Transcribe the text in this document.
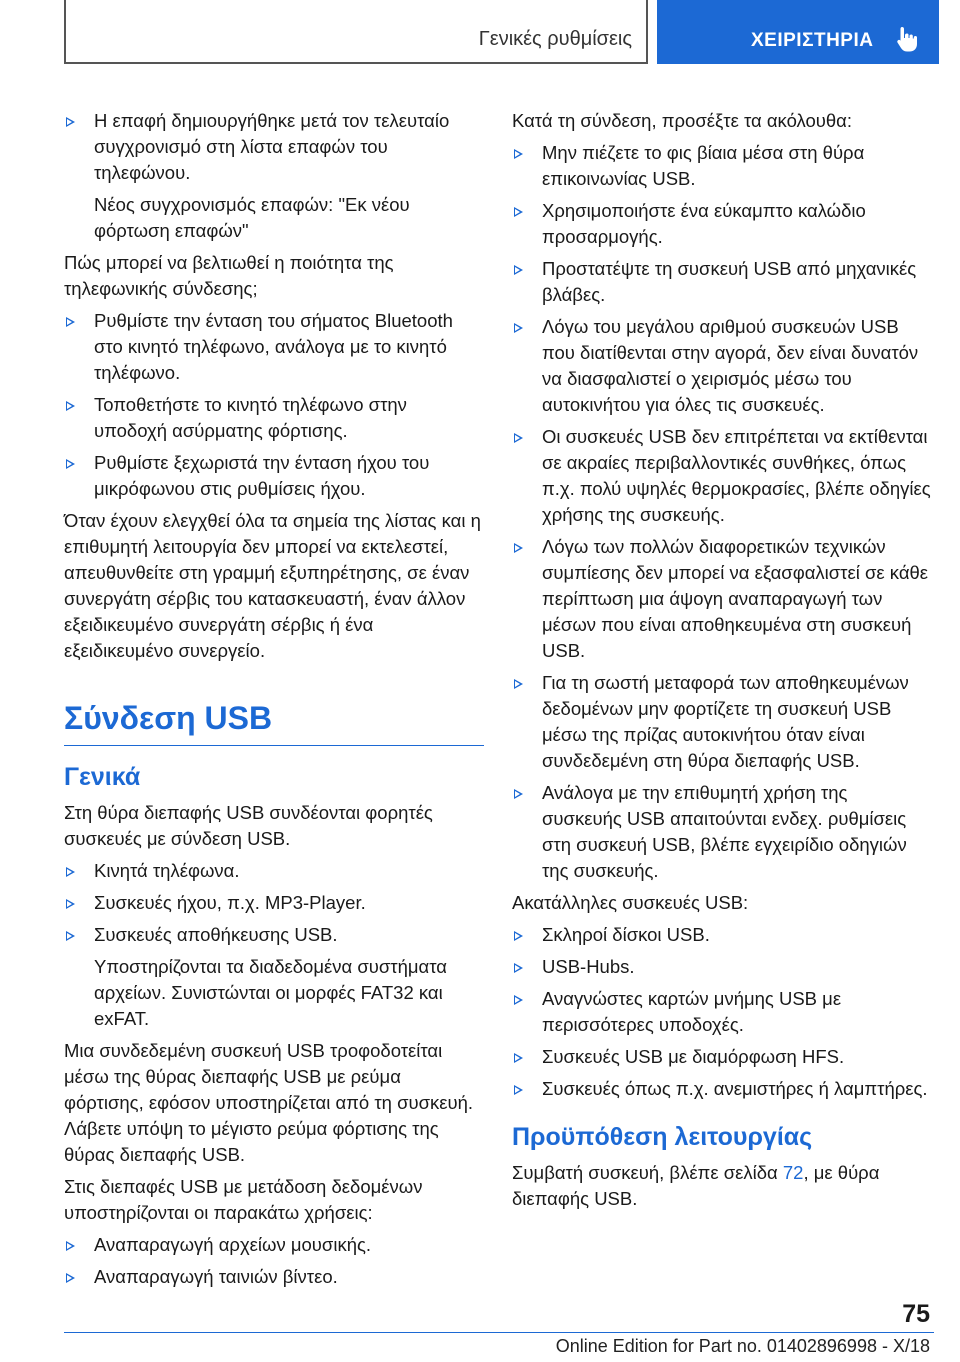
Γενικές ρυθμίσεις	ΧΕΙΡΙΣΤΗΡΙΑ
Η επαφή δημιουργήθηκε μετά τον τελευταίο συγχρονισμό στη λίστα επαφών του τηλεφώνου.
Νέος συγχρονισμός επαφών: "Εκ νέου φόρτωση επαφών"
Πώς μπορεί να βελτιωθεί η ποιότητα της τηλεφωνικής σύνδεσης;
Ρυθμίστε την ένταση του σήματος Bluetooth στο κινητό τηλέφωνο, ανάλογα με το κινητό τηλέφωνο.
Τοποθετήστε το κινητό τηλέφωνο στην υποδοχή ασύρματης φόρτισης.
Ρυθμίστε ξεχωριστά την ένταση ήχου του μικρόφωνου στις ρυθμίσεις ήχου.
Όταν έχουν ελεγχθεί όλα τα σημεία της λίστας και η επιθυμητή λειτουργία δεν μπορεί να εκτελεστεί, απευθυνθείτε στη γραμμή εξυπηρέτησης, σε έναν συνεργάτη σέρβις του κατασκευαστή, έναν άλλον εξειδικευμένο συνεργάτη σέρβις ή ένα εξειδικευμένο συνεργείο.
Σύνδεση USB
Γενικά
Στη θύρα διεπαφής USB συνδέονται φορητές συσκευές με σύνδεση USB.
Κινητά τηλέφωνα.
Συσκευές ήχου, π.χ. MP3-Player.
Συσκευές αποθήκευσης USB.
Υποστηρίζονται τα διαδεδομένα συστήματα αρχείων. Συνιστώνται οι μορφές FAT32 και exFAT.
Μια συνδεδεμένη συσκευή USB τροφοδοτείται μέσω της θύρας διεπαφής USB με ρεύμα φόρτισης, εφόσον υποστηρίζεται από τη συσκευή. Λάβετε υπόψη το μέγιστο ρεύμα φόρτισης της θύρας διεπαφής USB.
Στις διεπαφές USB με μετάδοση δεδομένων υποστηρίζονται οι παρακάτω χρήσεις:
Αναπαραγωγή αρχείων μουσικής.
Αναπαραγωγή ταινιών βίντεο.
Κατά τη σύνδεση, προσέξτε τα ακόλουθα:
Μην πιέζετε το φις βίαια μέσα στη θύρα επικοινωνίας USB.
Χρησιμοποιήστε ένα εύκαμπτο καλώδιο προσαρμογής.
Προστατέψτε τη συσκευή USB από μηχανικές βλάβες.
Λόγω του μεγάλου αριθμού συσκευών USB που διατίθενται στην αγορά, δεν είναι δυνατόν να διασφαλιστεί ο χειρισμός μέσω του αυτοκινήτου για όλες τις συσκευές.
Οι συσκευές USB δεν επιτρέπεται να εκτίθενται σε ακραίες περιβαλλοντικές συνθήκες, όπως π.χ. πολύ υψηλές θερμοκρασίες, βλέπε οδηγίες χρήσης της συσκευής.
Λόγω των πολλών διαφορετικών τεχνικών συμπίεσης δεν μπορεί να εξασφαλιστεί σε κάθε περίπτωση μια άψογη αναπαραγωγή των μέσων που είναι αποθηκευμένα στη συσκευή USB.
Για τη σωστή μεταφορά των αποθηκευμένων δεδομένων μην φορτίζετε τη συσκευή USB μέσω της πρίζας αυτοκινήτου όταν είναι συνδεδεμένη στη θύρα διεπαφής USB.
Ανάλογα με την επιθυμητή χρήση της συσκευής USB απαιτούνται ενδεχ. ρυθμίσεις στη συσκευή USB, βλέπε εγχειρίδιο οδηγιών της συσκευής.
Ακατάλληλες συσκευές USB:
Σκληροί δίσκοι USB.
USB-Hubs.
Αναγνώστες καρτών μνήμης USB με περισσότερες υποδοχές.
Συσκευές USB με διαμόρφωση HFS.
Συσκευές όπως π.χ. ανεμιστήρες ή λαμπτήρες.
Προϋπόθεση λειτουργίας
Συμβατή συσκευή, βλέπε σελίδα 72, με θύρα διεπαφής USB.
75
Online Edition for Part no. 01402896998 - X/18
